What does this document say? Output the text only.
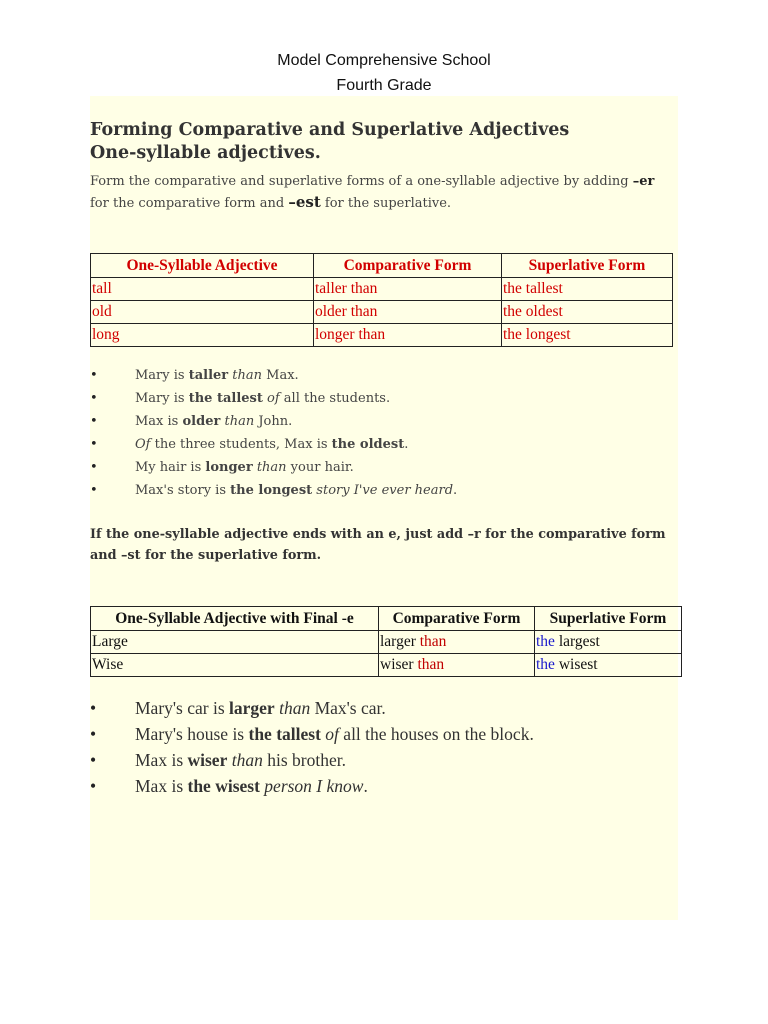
Model Comprehensive School
Fourth Grade
Forming Comparative and Superlative Adjectives
One-syllable adjectives.

Form the comparative and superlative forms of a one-syllable adjective by adding –er for the comparative form and –est for the superlative.

One-Syllable Adjective	Comparative Form	Superlative Form
tall	taller than	the tallest
old	older than	the oldest
long	longer than	the longest
• Mary is taller than Max.
• Mary is the tallest of all the students.
• Max is older than John.
• Of the three students, Max is the oldest.
• My hair is longer than your hair.
• Max's story is the longest story I've ever heard.

If the one-syllable adjective ends with an e, just add –r for the comparative form and –st for the superlative form.

One-Syllable Adjective with Final -e	Comparative Form	Superlative Form
Large	larger than	the largest
Wise	wiser than	the wisest
• Mary's car is larger than Max's car.
• Mary's house is the tallest of all the houses on the block.
• Max is wiser than his brother.
• Max is the wisest person I know.
